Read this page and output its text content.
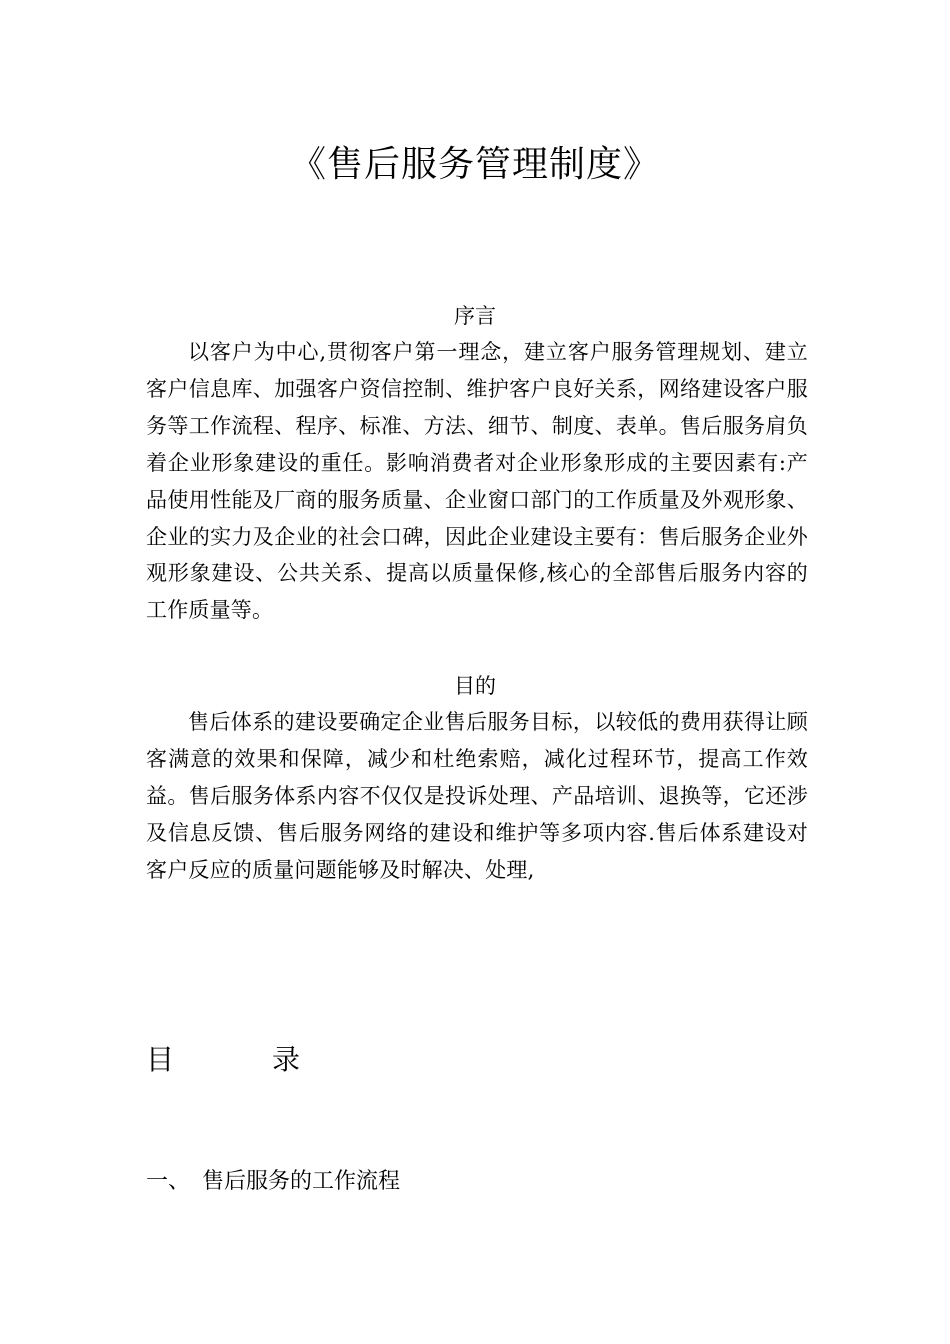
《售后服务管理制度》
序言

以客户为中心,贯彻客户第一理念，建立客户服务管理规划、建立客户信息库、加强客户资信控制、维护客户良好关系，网络建设客户服务等工作流程、程序、标准、方法、细节、制度、表单。售后服务肩负着企业形象建设的重任。影响消费者对企业形象形成的主要因素有:产品使用性能及厂商的服务质量、企业窗口部门的工作质量及外观形象、企业的实力及企业的社会口碑，因此企业建设主要有：售后服务企业外观形象建设、公共关系、提高以质量保修,核心的全部售后服务内容的工作质量等。

目的

售后体系的建设要确定企业售后服务目标，以较低的费用获得让顾客满意的效果和保障，减少和杜绝索赔，减化过程环节，提高工作效益。售后服务体系内容不仅仅是投诉处理、产品培训、退换等，它还涉及信息反馈、售后服务网络的建设和维护等多项内容.售后体系建设对客户反应的质量问题能够及时解决、处理,

目	录
一、 售后服务的工作流程
